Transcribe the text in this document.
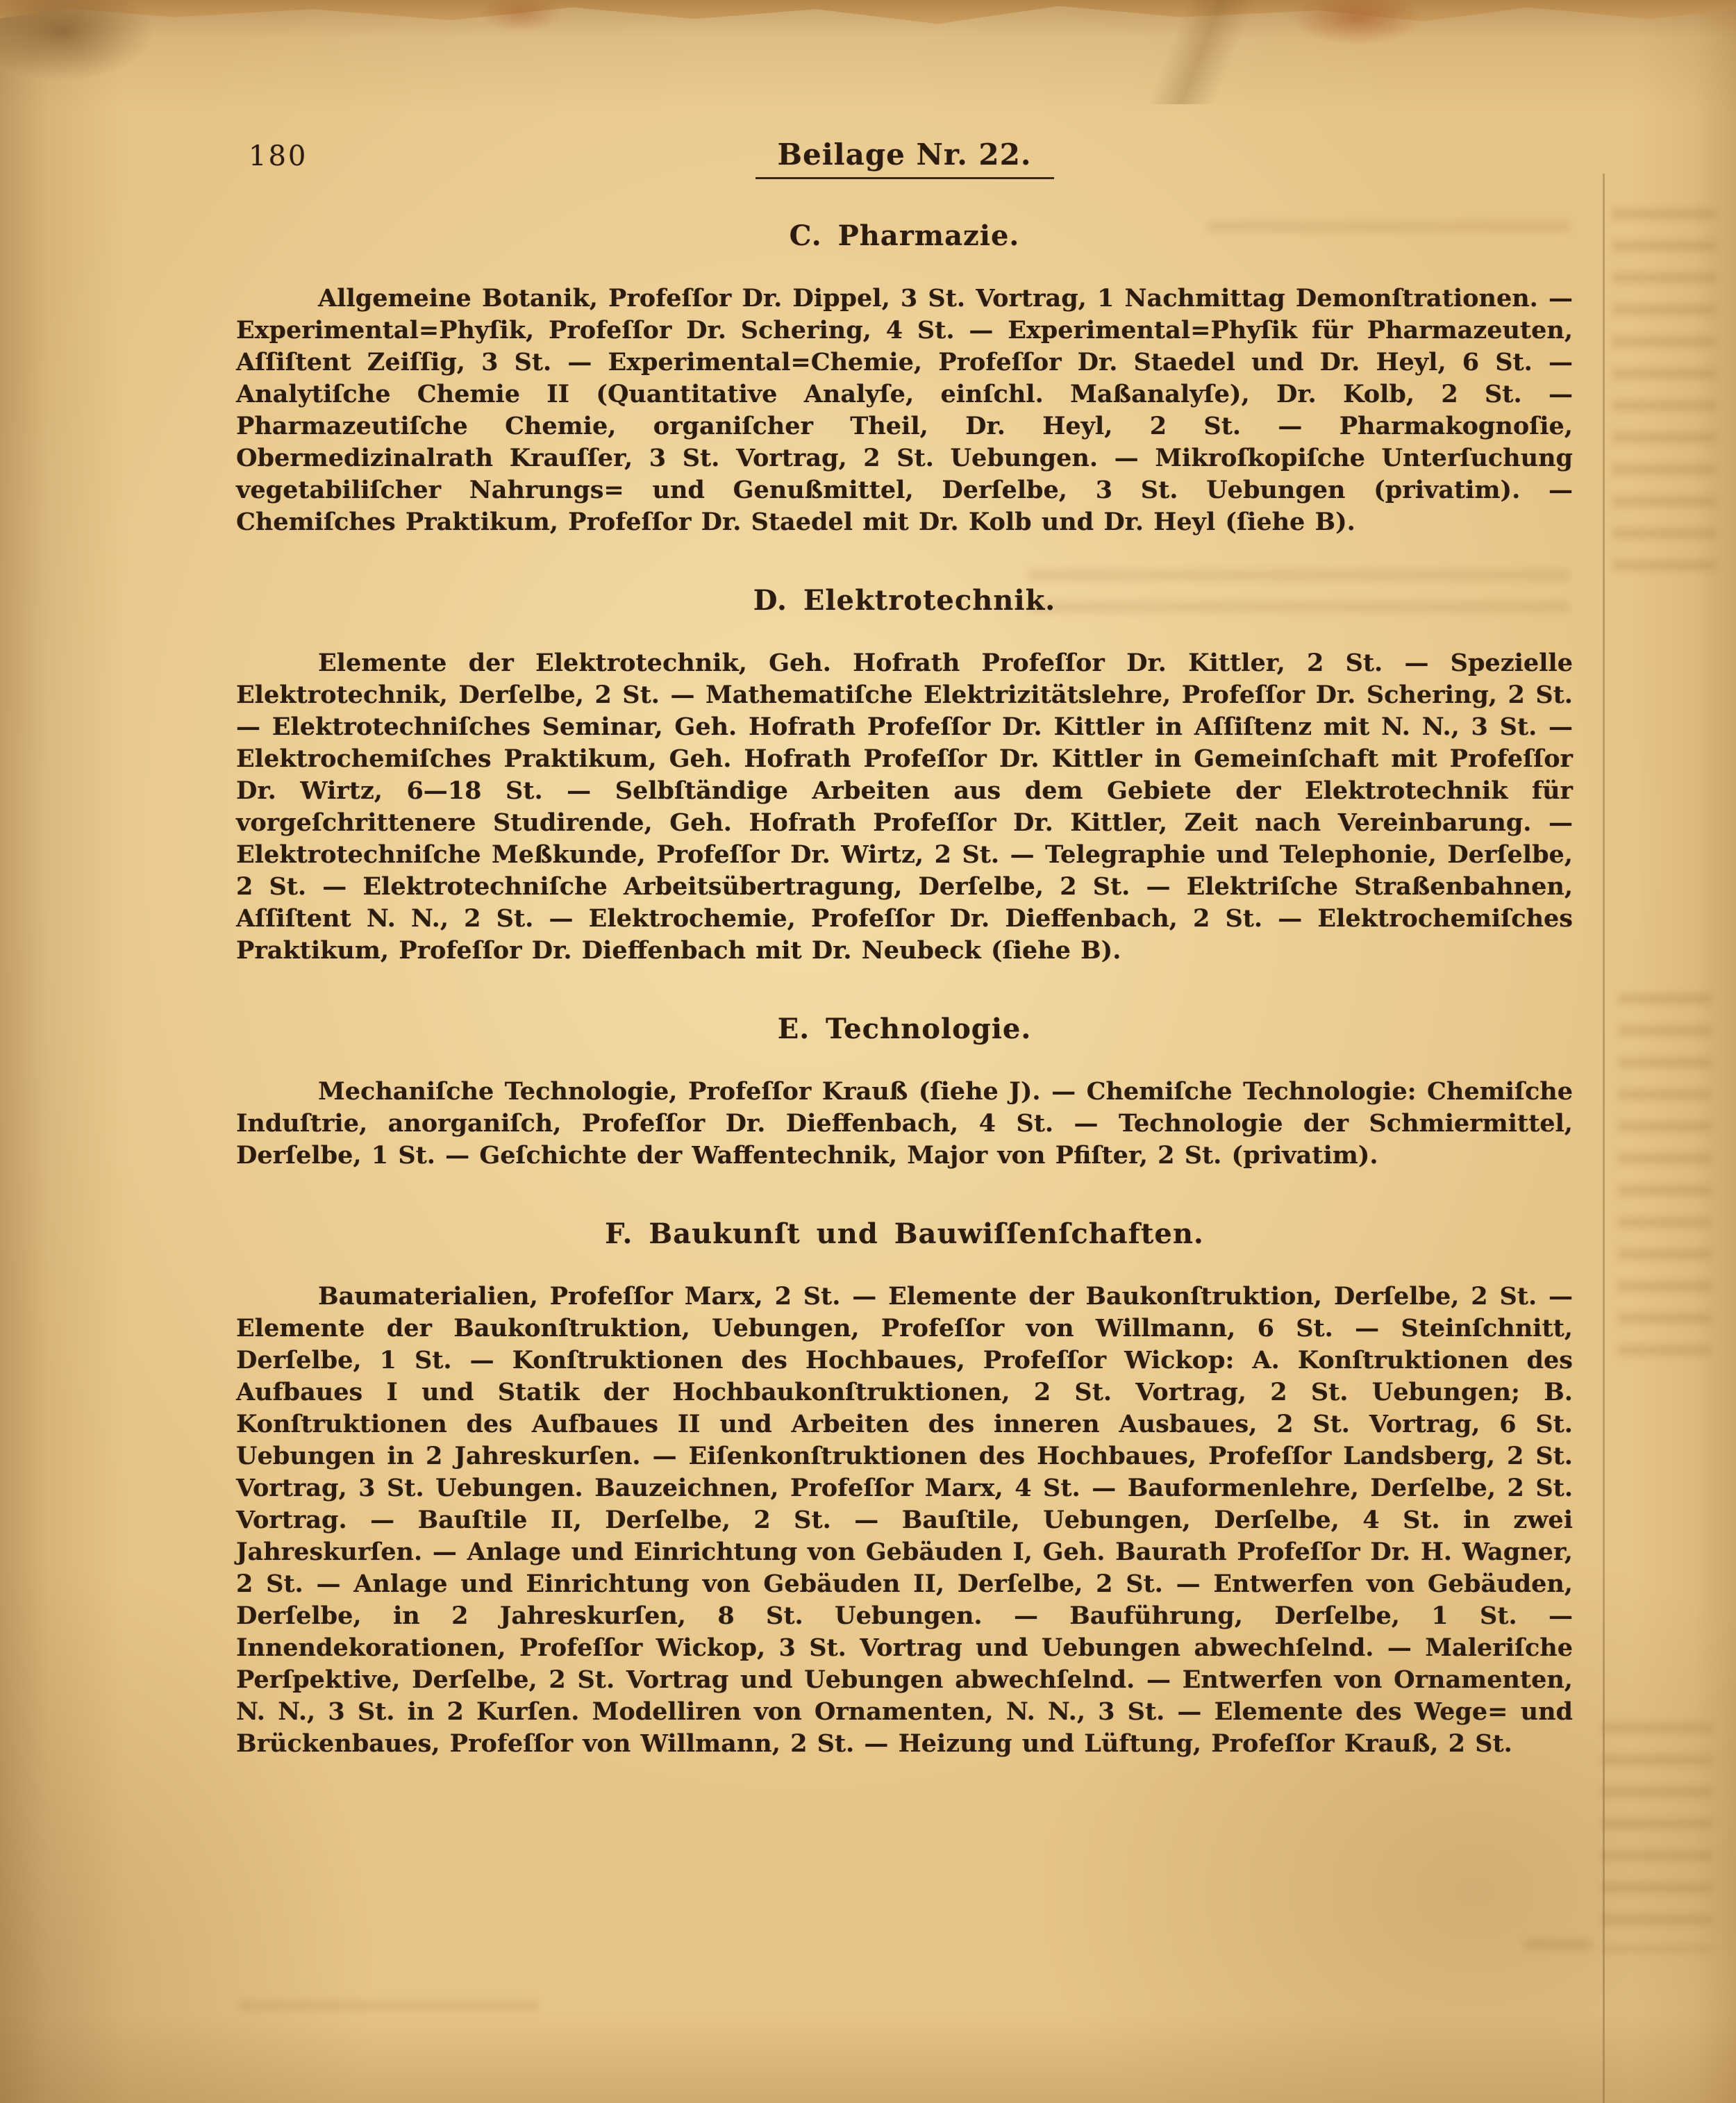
180	Beilage Nr. 22.
C. Pharmazie.

Allgemeine Botanik, Profeſſor Dr. Dippel, 3 St. Vortrag, 1 Nachmittag Demonſtrationen. — Experimental=Phyſik, Profeſſor Dr. Schering, 4 St. — Experimental=Phyſik für Pharmazeuten, Aſſiſtent Zeiſſig, 3 St. — Experimental=Chemie, Profeſſor Dr. Staedel und Dr. Heyl, 6 St. — Analytiſche Chemie II (Quantitative Analyſe, einſchl. Maßanalyſe), Dr. Kolb, 2 St. — Pharmazeutiſche Chemie, organiſcher Theil, Dr. Heyl, 2 St. — Pharmakognoſie, Obermedizinalrath Krauſſer, 3 St. Vortrag, 2 St. Uebungen. — Mikroſkopiſche Unterſuchung vegetabiliſcher Nahrungs= und Genußmittel, Derſelbe, 3 St. Uebungen (privatim). — Chemiſches Praktikum, Profeſſor Dr. Staedel mit Dr. Kolb und Dr. Heyl (ſiehe B).

D. Elektrotechnik.

Elemente der Elektrotechnik, Geh. Hofrath Profeſſor Dr. Kittler, 2 St. — Spezielle Elektrotechnik, Derſelbe, 2 St. — Mathematiſche Elektrizitätslehre, Profeſſor Dr. Schering, 2 St. — Elektrotechniſches Seminar, Geh. Hofrath Profeſſor Dr. Kittler in Aſſiſtenz mit N. N., 3 St. — Elektrochemiſches Praktikum, Geh. Hofrath Profeſſor Dr. Kittler in Gemeinſchaft mit Profeſſor Dr. Wirtz, 6—18 St. — Selbſtändige Arbeiten aus dem Gebiete der Elektrotechnik für vorgeſchrittenere Studirende, Geh. Hofrath Profeſſor Dr. Kittler, Zeit nach Vereinbarung. — Elektrotechniſche Meßkunde, Profeſſor Dr. Wirtz, 2 St. — Telegraphie und Telephonie, Derſelbe, 2 St. — Elektrotechniſche Arbeitsübertragung, Derſelbe, 2 St. — Elektriſche Straßenbahnen, Aſſiſtent N. N., 2 St. — Elektrochemie, Profeſſor Dr. Dieffenbach, 2 St. — Elektrochemiſches Praktikum, Profeſſor Dr. Dieffenbach mit Dr. Neubeck (ſiehe B).

E. Technologie.

Mechaniſche Technologie, Profeſſor Krauß (ſiehe J). — Chemiſche Technologie: Chemiſche Induſtrie, anorganiſch, Profeſſor Dr. Dieffenbach, 4 St. — Technologie der Schmiermittel, Derſelbe, 1 St. — Geſchichte der Waffentechnik, Major von Pfiſter, 2 St. (privatim).

F. Baukunſt und Bauwiſſenſchaften.

Baumaterialien, Profeſſor Marx, 2 St. — Elemente der Baukonſtruktion, Derſelbe, 2 St. — Elemente der Baukonſtruktion, Uebungen, Profeſſor von Willmann, 6 St. — Steinſchnitt, Derſelbe, 1 St. — Konſtruktionen des Hochbaues, Profeſſor Wickop: A. Konſtruktionen des Aufbaues I und Statik der Hochbaukonſtruktionen, 2 St. Vortrag, 2 St. Uebungen; B. Konſtruktionen des Aufbaues II und Arbeiten des inneren Ausbaues, 2 St. Vortrag, 6 St. Uebungen in 2 Jahreskurſen. — Eiſenkonſtruktionen des Hochbaues, Profeſſor Landsberg, 2 St. Vortrag, 3 St. Uebungen. Bauzeichnen, Profeſſor Marx, 4 St. — Bauformenlehre, Derſelbe, 2 St. Vortrag. — Bauſtile II, Derſelbe, 2 St. — Bauſtile, Uebungen, Derſelbe, 4 St. in zwei Jahreskurſen. — Anlage und Einrichtung von Gebäuden I, Geh. Baurath Profeſſor Dr. H. Wagner, 2 St. — Anlage und Einrichtung von Gebäuden II, Derſelbe, 2 St. — Entwerfen von Gebäuden, Derſelbe, in 2 Jahreskurſen, 8 St. Uebungen. — Bauführung, Derſelbe, 1 St. — Innendekorationen, Profeſſor Wickop, 3 St. Vortrag und Uebungen abwechſelnd. — Maleriſche Perſpektive, Derſelbe, 2 St. Vortrag und Uebungen abwechſelnd. — Entwerfen von Ornamenten, N. N., 3 St. in 2 Kurſen. Modelliren von Ornamenten, N. N., 3 St. — Elemente des Wege= und Brückenbaues, Profeſſor von Willmann, 2 St. — Heizung und Lüftung, Profeſſor Krauß, 2 St.
